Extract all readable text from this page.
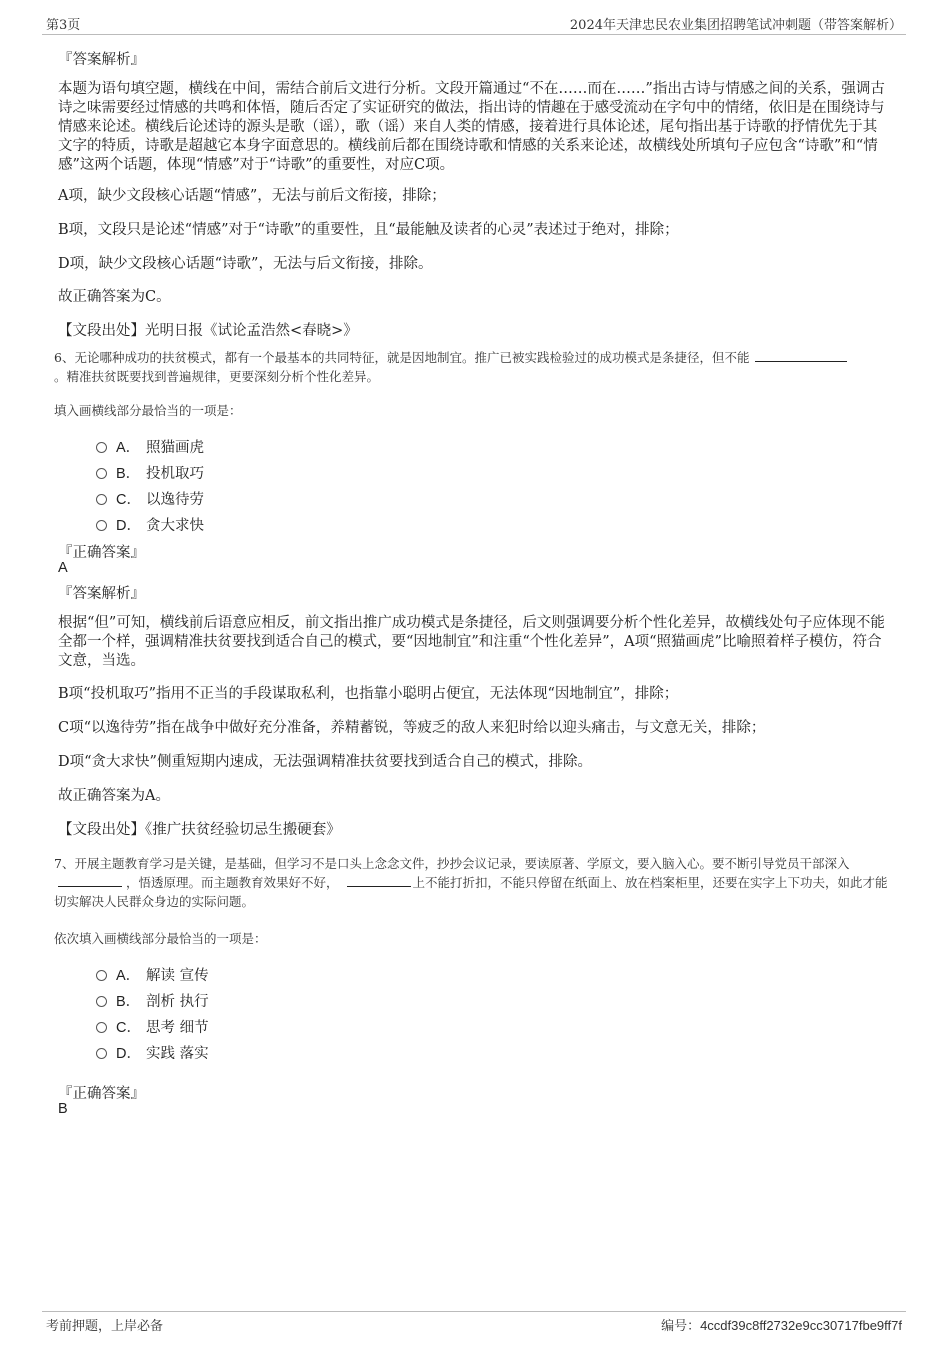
第3页	2024年天津忠民农业集团招聘笔试冲刺题（带答案解析）
『答案解析』
本题为语句填空题，横线在中间，需结合前后文进行分析。文段开篇通过“不在……而在……”指出古诗与情感之间的关系，强调古诗之味需要经过情感的共鸣和体悟，随后否定了实证研究的做法，指出诗的情趣在于感受流动在字句中的情绪，依旧是在围绕诗与情感来论述。横线后论述诗的源头是歌（谣），歌（谣）来自人类的情感，接着进行具体论述，尾句指出基于诗歌的抒情优先于其文字的特质，诗歌是超越它本身字面意思的。横线前后都在围绕诗歌和情感的关系来论述，故横线处所填句子应包含“诗歌”和“情感”这两个话题，体现“情感”对于“诗歌”的重要性，对应C项。
A项，缺少文段核心话题“情感”，无法与前后文衔接，排除；
B项，文段只是论述“情感”对于“诗歌”的重要性，且“最能触及读者的心灵”表述过于绝对，排除；
D项，缺少文段核心话题“诗歌”，无法与后文衔接，排除。
故正确答案为C。
【文段出处】光明日报《试论孟浩然<春晓>》
6、无论哪种成功的扶贫模式，都有一个最基本的共同特征，就是因地制宜。推广已被实践检验过的成功模式是条捷径，但不能
。精准扶贫既要找到普遍规律，更要深刻分析个性化差异。
填入画横线部分最恰当的一项是：
A． 照猫画虎
B． 投机取巧
C． 以逸待劳
D． 贪大求快
『正确答案』
A
『答案解析』
根据“但”可知，横线前后语意应相反，前文指出推广成功模式是条捷径，后文则强调要分析个性化差异，故横线处句子应体现不能全都一个样，强调精准扶贫要找到适合自己的模式，要“因地制宜”和注重“个性化差异”，A项“照猫画虎”比喻照着样子模仿，符合文意，当选。
B项“投机取巧”指用不正当的手段谋取私利，也指靠小聪明占便宜，无法体现“因地制宜”，排除；
C项“以逸待劳”指在战争中做好充分准备，养精蓄锐，等疲乏的敌人来犯时给以迎头痛击，与文意无关，排除；
D项“贪大求快”侧重短期内速成，无法强调精准扶贫要找到适合自己的模式，排除。
故正确答案为A。
【文段出处】《推广扶贫经验切忌生搬硬套》
7、开展主题教育学习是关键，是基础，但学习不是口头上念念文件，抄抄会议记录，要读原著、学原文，要入脑入心。要不断引导党员干部深入，悟透原理。而主题教育效果好不好，	上不能打折扣，不能只停留在纸面上、放在档案柜里，还要在实字上下功夫，如此才能切实解决人民群众身边的实际问题。
依次填入画横线部分最恰当的一项是：
A． 解读 宣传
B． 剖析 执行
C． 思考 细节
D． 实践 落实
『正确答案』
B
考前押题，上岸必备	编号：4ccdf39c8ff2732e9cc30717fbe9ff7f
